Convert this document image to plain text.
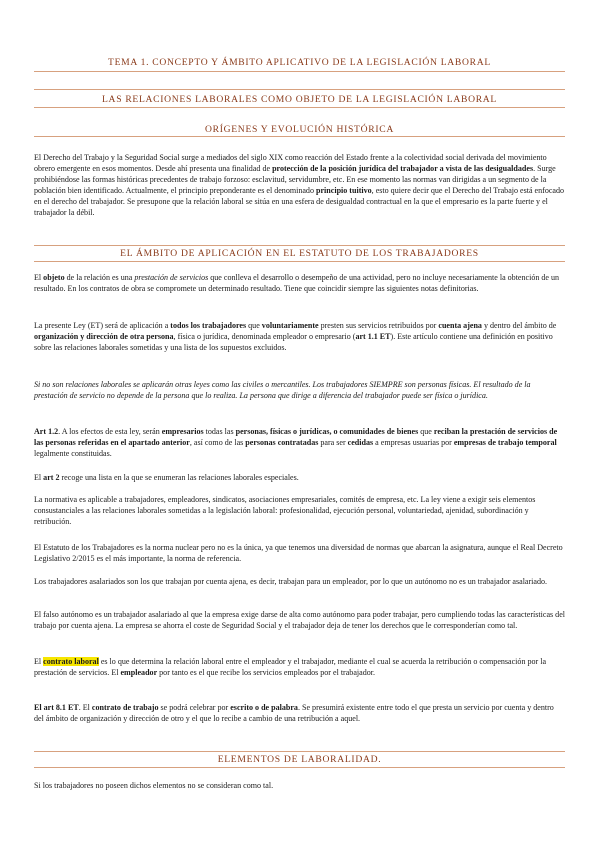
TEMA 1. CONCEPTO Y ÁMBITO APLICATIVO DE LA LEGISLACIÓN LABORAL
LAS RELACIONES LABORALES COMO OBJETO DE LA LEGISLACIÓN LABORAL
ORÍGENES Y EVOLUCIÓN HISTÓRICA

El Derecho del Trabajo y la Seguridad Social surge a mediados del siglo XIX como reacción del Estado frente a la colectividad social derivada del movimiento obrero emergente en esos momentos. Desde ahí presenta una finalidad de protección de la posición jurídica del trabajador a vista de las desigualdades. Surge prohibiéndose las formas históricas precedentes de trabajo forzoso: esclavitud, servidumbre, etc. En ese momento las normas van dirigidas a un segmento de la población bien identificado. Actualmente, el principio preponderante es el denominado principio tuitivo, esto quiere decir que el Derecho del Trabajo está enfocado en el derecho del trabajador. Se presupone que la relación laboral se sitúa en una esfera de desigualdad contractual en la que el empresario es la parte fuerte y el trabajador la débil.

EL ÁMBITO DE APLICACIÓN EN EL ESTATUTO DE LOS TRABAJADORES

El objeto de la relación es una prestación de servicios que conlleva el desarrollo o desempeño de una actividad, pero no incluye necesariamente la obtención de un resultado. En los contratos de obra se compromete un determinado resultado. Tiene que coincidir siempre las siguientes notas definitorias.

La presente Ley (ET) será de aplicación a todos los trabajadores que voluntariamente presten sus servicios retribuidos por cuenta ajena y dentro del ámbito de organización y dirección de otra persona, física o jurídica, denominada empleador o empresario (art 1.1 ET). Este artículo contiene una definición en positivo sobre las relaciones laborales sometidas y una lista de los supuestos excluidos.

Si no son relaciones laborales se aplicarán otras leyes como las civiles o mercantiles. Los trabajadores SIEMPRE son personas físicas. El resultado de la prestación de servicio no depende de la persona que lo realiza. La persona que dirige a diferencia del trabajador puede ser física o jurídica.

Art 1.2. A los efectos de esta ley, serán empresarios todas las personas, físicas o jurídicas, o comunidades de bienes que reciban la prestación de servicios de las personas referidas en el apartado anterior, así como de las personas contratadas para ser cedidas a empresas usuarias por empresas de trabajo temporal legalmente constituidas.

El art 2 recoge una lista en la que se enumeran las relaciones laborales especiales.

La normativa es aplicable a trabajadores, empleadores, sindicatos, asociaciones empresariales, comités de empresa, etc. La ley viene a exigir seis elementos consustanciales a las relaciones laborales sometidas a la legislación laboral: profesionalidad, ejecución personal, voluntariedad, ajenidad, subordinación y retribución.

El Estatuto de los Trabajadores es la norma nuclear pero no es la única, ya que tenemos una diversidad de normas que abarcan la asignatura, aunque el Real Decreto Legislativo 2/2015 es el más importante, la norma de referencia.

Los trabajadores asalariados son los que trabajan por cuenta ajena, es decir, trabajan para un empleador, por lo que un autónomo no es un trabajador asalariado.

El falso autónomo es un trabajador asalariado al que la empresa exige darse de alta como autónomo para poder trabajar, pero cumpliendo todas las características del trabajo por cuenta ajena. La empresa se ahorra el coste de Seguridad Social y el trabajador deja de tener los derechos que le corresponderían como tal.

El contrato laboral es lo que determina la relación laboral entre el empleador y el trabajador, mediante el cual se acuerda la retribución o compensación por la prestación de servicios. El empleador por tanto es el que recibe los servicios empleados por el trabajador.

El art 8.1 ET. El contrato de trabajo se podrá celebrar por escrito o de palabra. Se presumirá existente entre todo el que presta un servicio por cuenta y dentro del ámbito de organización y dirección de otro y el que lo recibe a cambio de una retribución a aquel.

ELEMENTOS DE LABORALIDAD.

Si los trabajadores no poseen dichos elementos no se consideran como tal.
